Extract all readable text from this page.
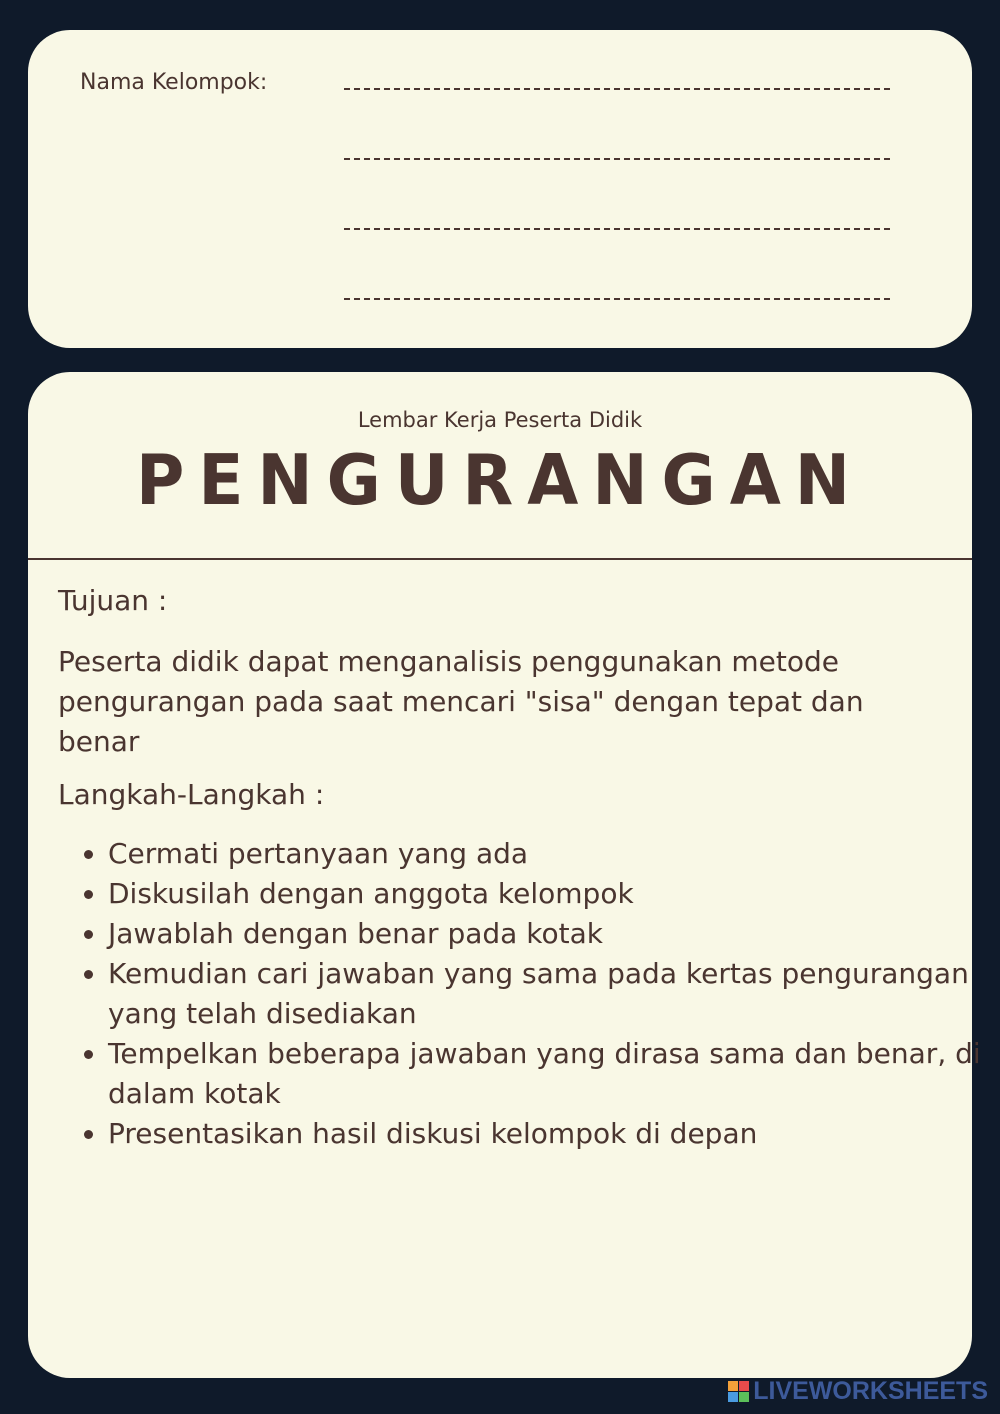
Nama Kelompok:
Lembar Kerja Peserta Didik
PENGURANGAN
Tujuan :
Peserta didik dapat menganalisis penggunakan metode pengurangan pada saat mencari "sisa" dengan tepat dan benar
Langkah-Langkah :
• Cermati pertanyaan yang ada
• Diskusilah dengan anggota kelompok
• Jawablah dengan benar pada kotak
• Kemudian cari jawaban yang sama pada kertas pengurangan yang telah disediakan
• Tempelkan beberapa jawaban yang dirasa sama dan benar, di dalam kotak
• Presentasikan hasil diskusi kelompok di depan
LIVEWORKSHEETS
